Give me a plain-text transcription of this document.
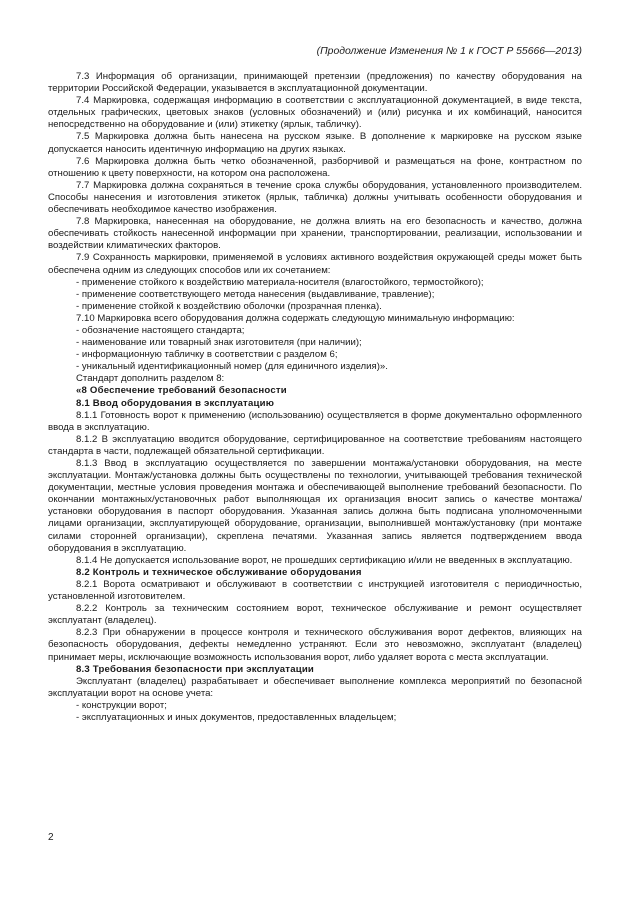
(Продолжение Изменения № 1 к ГОСТ Р 55666—2013)

7.3 Информация об организации, принимающей претензии (предложения) по качеству оборудования на территории Российской Федерации, указывается в эксплуатационной документации.

7.4 Маркировка, содержащая информацию в соответствии с эксплуатационной документацией, в виде текста, отдельных графических, цветовых знаков (условных обозначений) и (или) рисунка и их комбинаций, наносится непосредственно на оборудование и (или) этикетку (ярлык, табличку).

7.5 Маркировка должна быть нанесена на русском языке. В дополнение к маркировке на русском языке допускается наносить идентичную информацию на других языках.

7.6 Маркировка должна быть четко обозначенной, разборчивой и размещаться на фоне, контрастном по отношению к цвету поверхности, на котором она расположена.

7.7 Маркировка должна сохраняться в течение срока службы оборудования, установленного производителем. Способы нанесения и изготовления этикеток (ярлык, табличка) должны учитывать особенности оборудования и обеспечивать необходимое качество изображения.

7.8 Маркировка, нанесенная на оборудование, не должна влиять на его безопасность и качество, должна обеспечивать стойкость нанесенной информации при хранении, транспортировании, реализации, использовании и воздействии климатических факторов.

7.9 Сохранность маркировки, применяемой в условиях активного воздействия окружающей среды может быть обеспечена одним из следующих способов или их сочетанием:

- применение стойкого к воздействию материала-носителя (влагостойкого, термостойкого);

- применение соответствующего метода нанесения (выдавливание, травление);

- применение стойкой к воздействию оболочки (прозрачная пленка).

7.10 Маркировка всего оборудования должна содержать следующую минимальную информацию:

- обозначение настоящего стандарта;

- наименование или товарный знак изготовителя (при наличии);

- информационную табличку в соответствии с разделом 6;

- уникальный идентификационный номер (для единичного изделия)».

Стандарт дополнить разделом 8:

«8 Обеспечение требований безопасности

8.1 Ввод оборудования в эксплуатацию

8.1.1 Готовность ворот к применению (использованию) осуществляется в форме документально оформленного ввода в эксплуатацию.

8.1.2 В эксплуатацию вводится оборудование, сертифицированное на соответствие требованиям настоящего стандарта в части, подлежащей обязательной сертификации.

8.1.3 Ввод в эксплуатацию осуществляется по завершении монтажа/установки оборудования, на месте эксплуатации. Монтаж/установка должны быть осуществлены по технологии, учитывающей требования технической документации, местные условия проведения монтажа и обеспечивающей выполнение требований безопасности. По окончании монтажных/установочных работ выполняющая их организация вносит запись о качестве монтажа/установки оборудования в паспорт оборудования. Указанная запись должна быть подписана уполномоченными лицами организации, эксплуатирующей оборудование, организации, выполнившей монтаж/установку (при монтаже силами сторонней организации), скреплена печатями. Указанная запись является подтверждением ввода оборудования в эксплуатацию.

8.1.4 Не допускается использование ворот, не прошедших сертификацию и/или не введенных в эксплуатацию.

8.2 Контроль и техническое обслуживание оборудования

8.2.1 Ворота осматривают и обслуживают в соответствии с инструкцией изготовителя с периодичностью, установленной изготовителем.

8.2.2 Контроль за техническим состоянием ворот, техническое обслуживание и ремонт осуществляет эксплуатант (владелец).

8.2.3 При обнаружении в процессе контроля и технического обслуживания ворот дефектов, влияющих на безопасность оборудования, дефекты немедленно устраняют. Если это невозможно, эксплуатант (владелец) принимает меры, исключающие возможность использования ворот, либо удаляет ворота с места эксплуатации.

8.3 Требования безопасности при эксплуатации

Эксплуатант (владелец) разрабатывает и обеспечивает выполнение комплекса мероприятий по безопасной эксплуатации ворот на основе учета:

- конструкции ворот;

- эксплуатационных и иных документов, предоставленных владельцем;

2
